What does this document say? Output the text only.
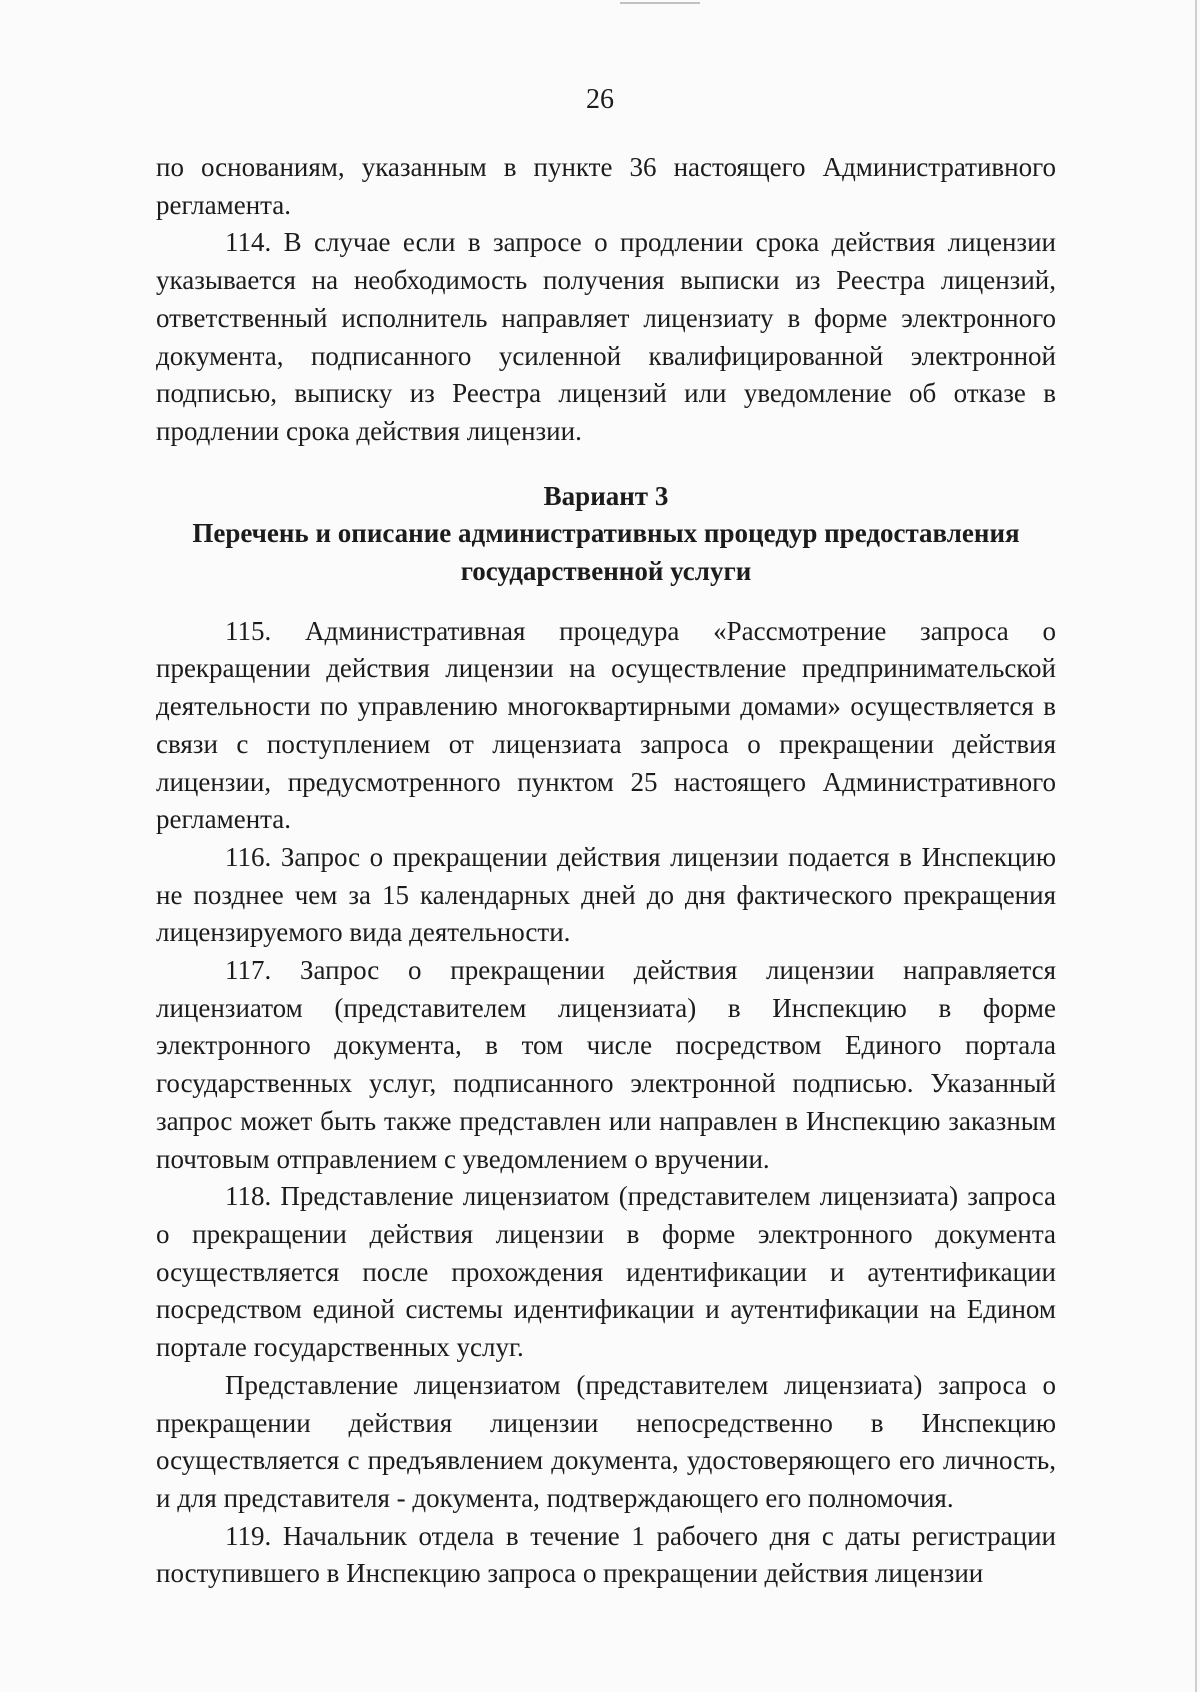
26

по основаниям, указанным в пункте 36 настоящего Административного регламента.

114. В случае если в запросе о продлении срока действия лицензии указывается на необходимость получения выписки из Реестра лицензий, ответственный исполнитель направляет лицензиату в форме электронного документа, подписанного усиленной квалифицированной электронной подписью, выписку из Реестра лицензий или уведомление об отказе в продлении срока действия лицензии.

Вариант 3

Перечень и описание административных процедур предоставления

государственной услуги

115. Административная процедура «Рассмотрение запроса о прекращении действия лицензии на осуществление предпринимательской деятельности по управлению многоквартирными домами» осуществляется в связи с поступлением от лицензиата запроса о прекращении действия лицензии, предусмотренного пунктом 25 настоящего Административного регламента.

116. Запрос о прекращении действия лицензии подается в Инспекцию не позднее чем за 15 календарных дней до дня фактического прекращения лицензируемого вида деятельности.

117. Запрос о прекращении действия лицензии направляется лицензиатом (представителем лицензиата) в Инспекцию в форме электронного документа, в том числе посредством Единого портала государственных услуг, подписанного электронной подписью. Указанный запрос может быть также представлен или направлен в Инспекцию заказным почтовым отправлением с уведомлением о вручении.

118. Представление лицензиатом (представителем лицензиата) запроса о прекращении действия лицензии в форме электронного документа осуществляется после прохождения идентификации и аутентификации посредством единой системы идентификации и аутентификации на Едином портале государственных услуг.

Представление лицензиатом (представителем лицензиата) запроса о прекращении действия лицензии непосредственно в Инспекцию осуществляется с предъявлением документа, удостоверяющего его личность, и для представителя - документа, подтверждающего его полномочия.

119. Начальник отдела в течение 1 рабочего дня с даты регистрации поступившего в Инспекцию запроса о прекращении действия лицензии
